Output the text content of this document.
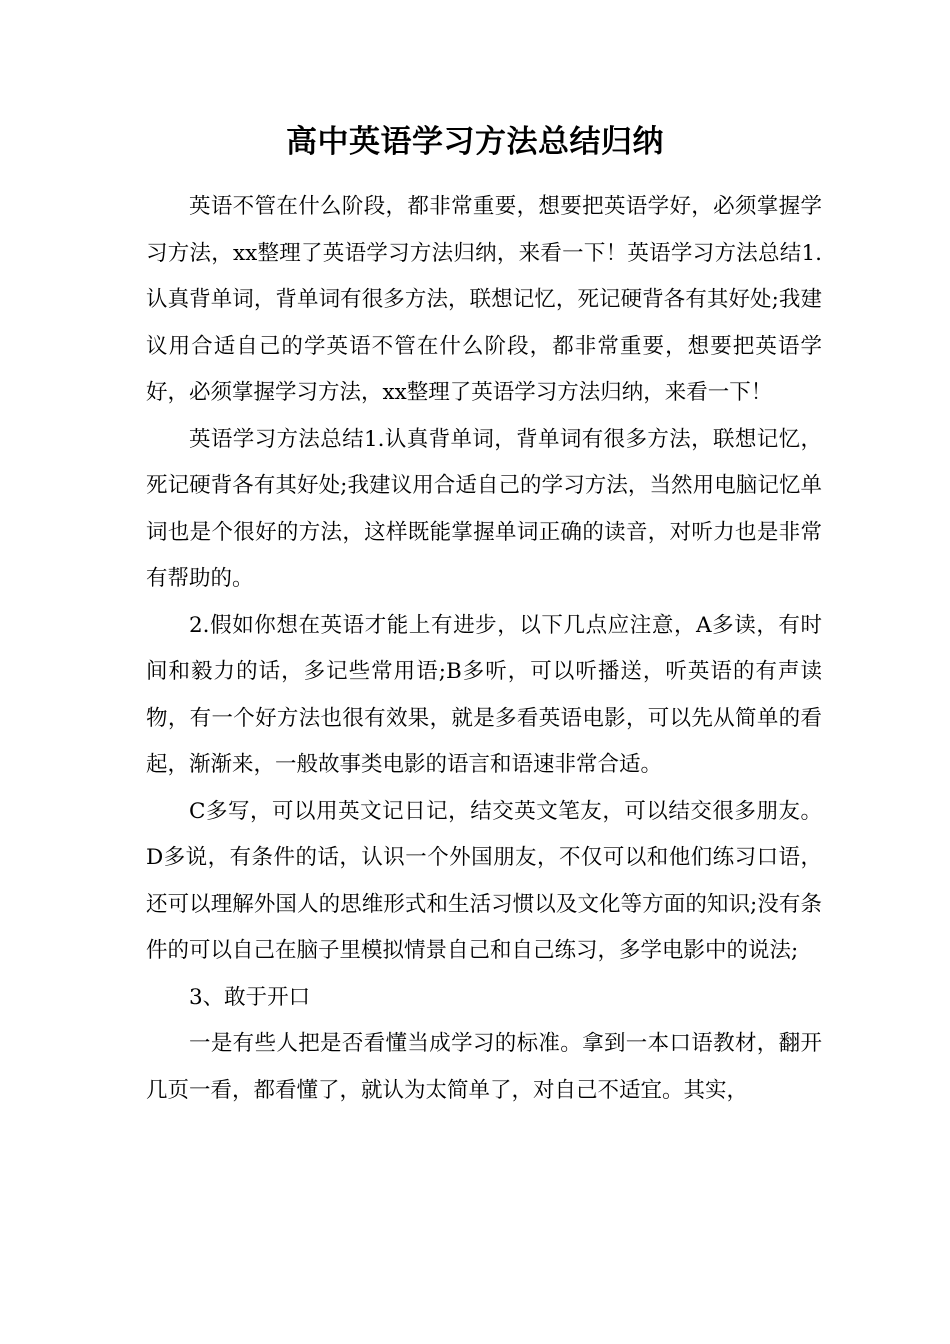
高中英语学习方法总结归纳

英语不管在什么阶段，都非常重要，想要把英语学好，必须掌握学习方法，xx整理了英语学习方法归纳，来看一下！英语学习方法总结1.认真背单词，背单词有很多方法，联想记忆，死记硬背各有其好处;我建议用合适自己的学英语不管在什么阶段，都非常重要，想要把英语学好，必须掌握学习方法，xx整理了英语学习方法归纳，来看一下！

英语学习方法总结1.认真背单词，背单词有很多方法，联想记忆，死记硬背各有其好处;我建议用合适自己的学习方法，当然用电脑记忆单词也是个很好的方法，这样既能掌握单词正确的读音，对听力也是非常有帮助的。

2.假如你想在英语才能上有进步，以下几点应注意，A多读，有时间和毅力的话，多记些常用语;B多听，可以听播送，听英语的有声读物，有一个好方法也很有效果，就是多看英语电影，可以先从简单的看起，渐渐来，一般故事类电影的语言和语速非常合适。

C多写，可以用英文记日记，结交英文笔友，可以结交很多朋友。D多说，有条件的话，认识一个外国朋友，不仅可以和他们练习口语，还可以理解外国人的思维形式和生活习惯以及文化等方面的知识;没有条件的可以自己在脑子里模拟情景自己和自己练习，多学电影中的说法;

3、敢于开口

一是有些人把是否看懂当成学习的标准。拿到一本口语教材，翻开几页一看，都看懂了，就认为太简单了，对自己不适宜。其实，
